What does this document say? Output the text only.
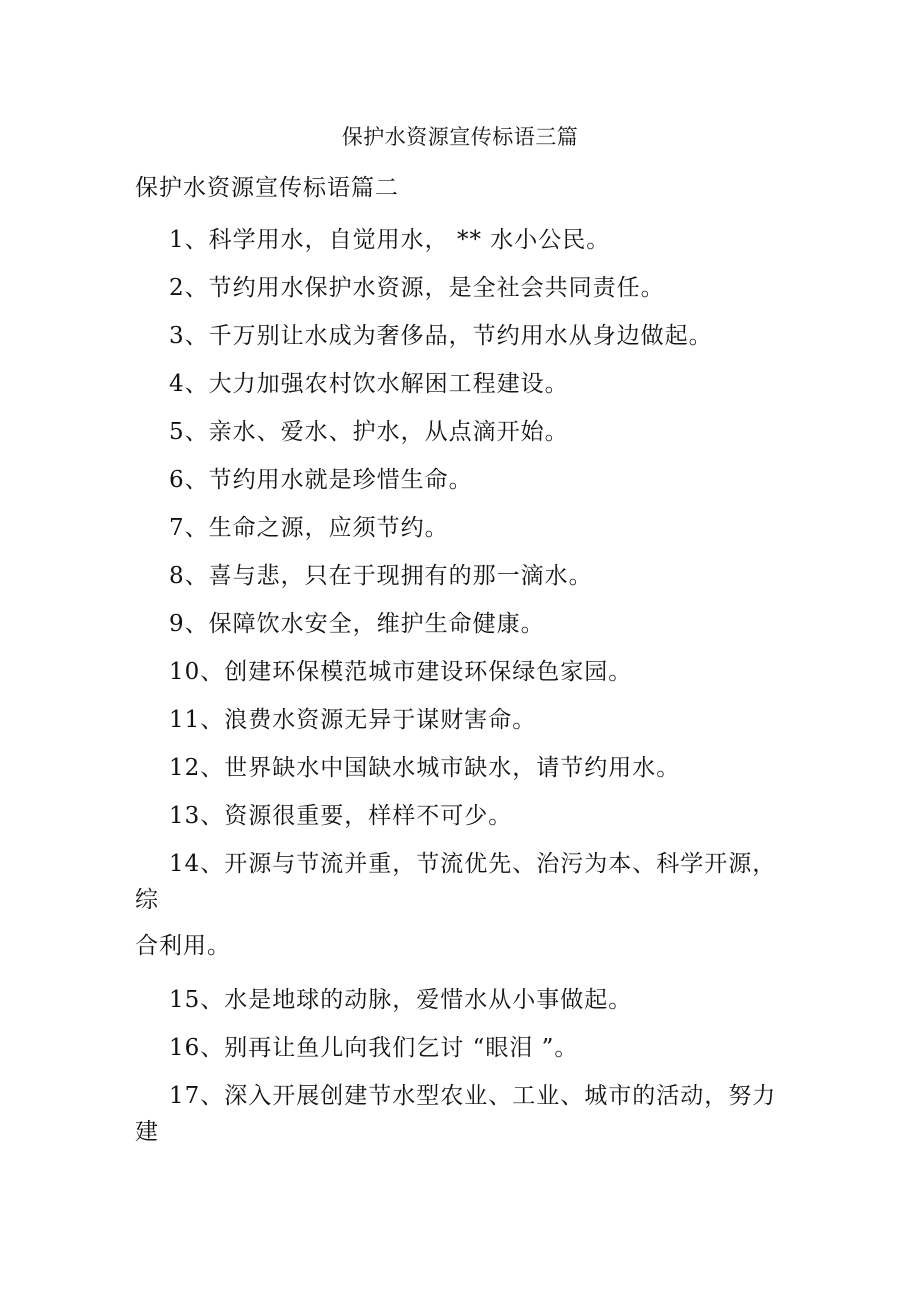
保护水资源宣传标语三篇
保护水资源宣传标语篇二
1、科学用水，自觉用水， ** 水小公民。
2、节约用水保护水资源，是全社会共同责任。
3、千万别让水成为奢侈品，节约用水从身边做起。
4、大力加强农村饮水解困工程建设。
5、亲水、爱水、护水，从点滴开始。
6、节约用水就是珍惜生命。
7、生命之源，应须节约。
8、喜与悲，只在于现拥有的那一滴水。
9、保障饮水安全，维护生命健康。
10、创建环保模范城市建设环保绿色家园。
11、浪费水资源无异于谋财害命。
12、世界缺水中国缺水城市缺水，请节约用水。
13、资源很重要，样样不可少。
14、开源与节流并重，节流优先、治污为本、科学开源，综
合利用。
15、水是地球的动脉，爱惜水从小事做起。
16、别再让鱼儿向我们乞讨 “眼泪 ”。
17、深入开展创建节水型农业、工业、城市的活动，努力建
